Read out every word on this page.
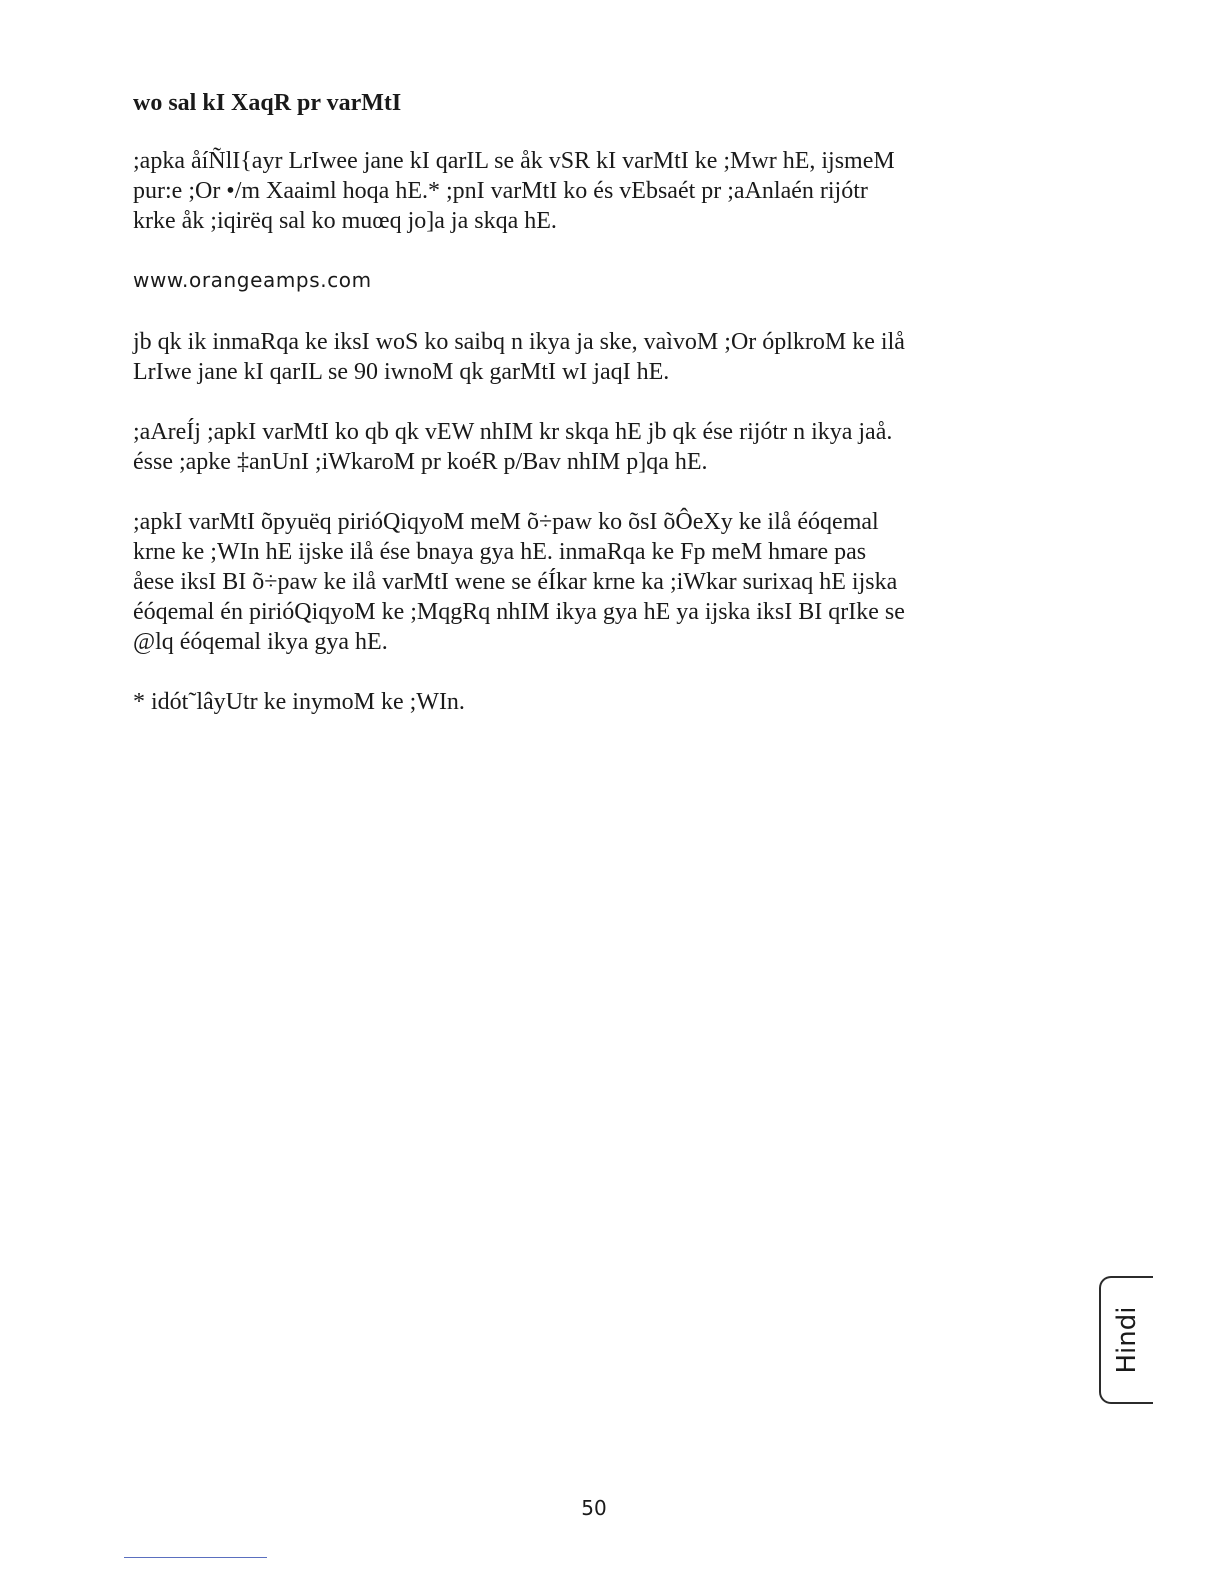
wo sal kI XaqR pr varMtI
;apka åíÑlI{ayr LrIwee jane kI qarIL se åk vSR kI varMtI ke ;Mwr hE, ijsmeM
pur:e ;Or •/m Xaaiml hoqa hE.* ;pnI varMtI ko és vEbsaét pr ;aAnlaén rijótr
krke åk ;iqirëq sal ko muœq jo]a ja skqa hE.
www.orangeamps.com
jb qk ik inmaRqa ke iksI woS ko saibq n ikya ja ske, vaìvoM ;Or óplkroM ke ilå
LrIwe jane kI qarIL se 90 iwnoM qk garMtI wI jaqI hE.
;aAreÍj ;apkI varMtI ko qb qk vEW nhIM kr skqa hE jb qk ése rijótr n ikya jaå.
ésse ;apke ‡anUnI ;iWkaroM pr koéR p/Bav nhIM p]qa hE.
;apkI varMtI õpyuëq pirióQiqyoM meM õ÷paw ko õsI õÔeXy ke ilå éóqemal
krne ke ;WIn hE ijske ilå ése bnaya gya hE. inmaRqa ke Fp meM hmare pas
åese iksI BI õ÷paw ke ilå varMtI wene se éÍkar krne ka ;iWkar surixaq hE ijska
éóqemal én pirióQiqyoM ke ;MqgRq nhIM ikya gya hE ya ijska iksI BI qrIke se
@lq éóqemal ikya gya hE.
* idót˜lâyUtr ke inymoM ke ;WIn.
Hindi
50
